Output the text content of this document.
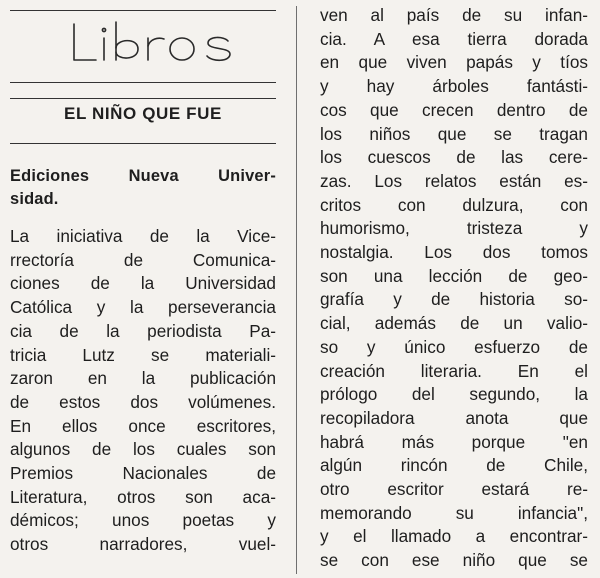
EL NIÑO QUE FUE
Ediciones Nueva Univer-
sidad.
La iniciativa de la Vice-
rrectoría de Comunica-
ciones de la Universidad
Católica y la perseverancia
cia de la periodista Pa-
tricia Lutz se materiali-
zaron en la publicación
de estos dos volúmenes.
En ellos once escritores,
algunos de los cuales son
Premios Nacionales de
Literatura, otros son aca-
démicos; unos poetas y
otros narradores, vuel-
ven al país de su infan-
cia. A esa tierra dorada
en que viven papás y tíos
y hay árboles fantásti-
cos que crecen dentro de
los niños que se tragan
los cuescos de las cere-
zas. Los relatos están es-
critos con dulzura, con
humorismo, tristeza y
nostalgia. Los dos tomos
son una lección de geo-
grafía y de historia so-
cial, además de un valio-
so y único esfuerzo de
creación literaria. En el
prólogo del segundo, la
recopiladora anota que
habrá más porque "en
algún rincón de Chile,
otro escritor estará re-
memorando su infancia",
y el llamado a encontrar-
se con ese niño que se
